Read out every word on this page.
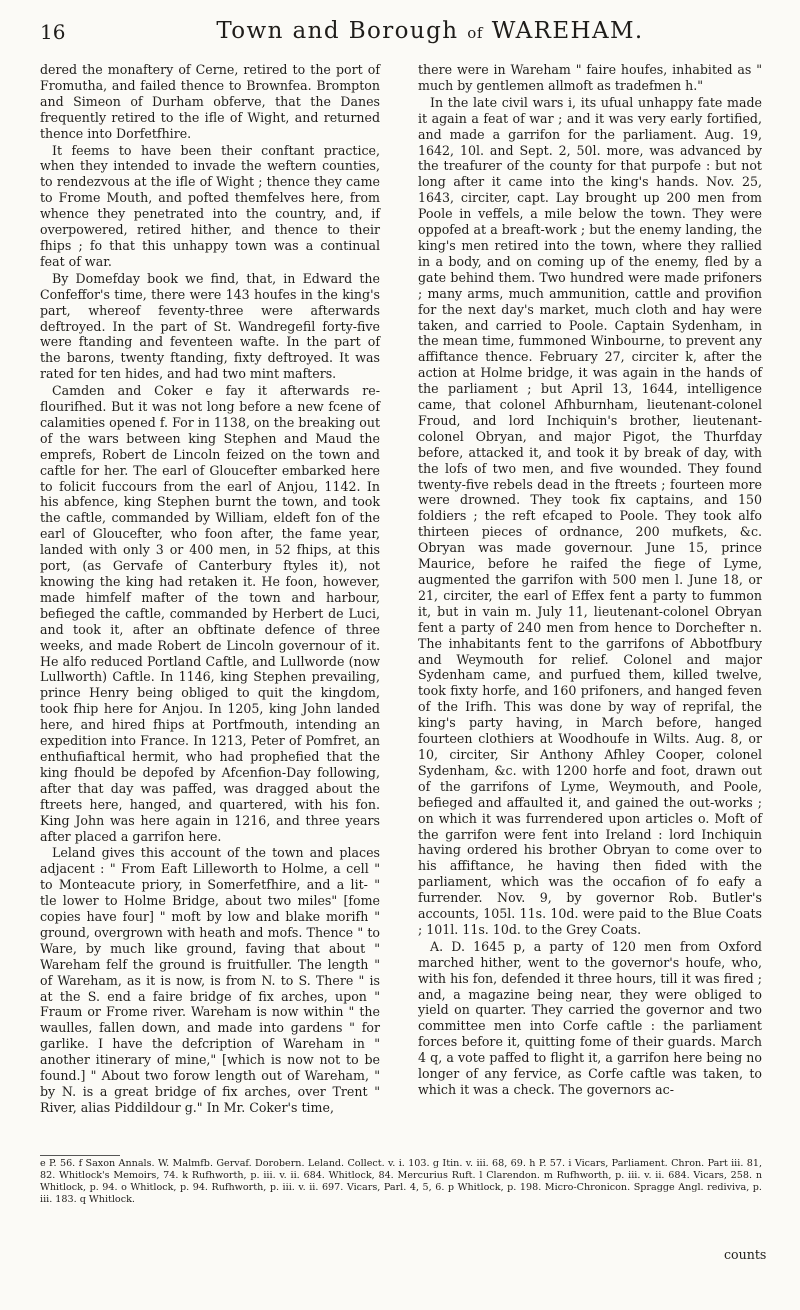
16	Town and Borough of WAREHAM.

dered the monaftery of Cerne, retired to the port of Fromutha, and failed thence to Brownfea. Brompton and Simeon of Durham obferve, that the Danes frequently retired to the ifle of Wight, and returned thence into Dorfetfhire.

It feems to have been their conftant practice, when they intended to invade the weftern counties, to rendezvous at the ifle of Wight ; thence they came to Frome Mouth, and pofted themfelves here, from whence they penetrated into the country, and, if overpowered, retired hither, and thence to their fhips ; fo that this unhappy town was a continual feat of war.

By Domefday book we find, that, in Edward the Confeffor's time, there were 143 houfes in the king's part, whereof feventy-three were afterwards deftroyed. In the part of St. Wandregefil forty-five were ftanding and feventeen wafte. In the part of the barons, twenty ftanding, fixty deftroyed. It was rated for ten hides, and had two mint mafters.

Camden and Coker e fay it afterwards re-flourifhed. But it was not long before a new fcene of calamities opened f. For in 1138, on the breaking out of the wars between king Stephen and Maud the emprefs, Robert de Lincoln feized on the town and caftle for her. The earl of Gloucefter embarked here to folicit fuccours from the earl of Anjou, 1142. In his abfence, king Stephen burnt the town, and took the caftle, commanded by William, eldeft fon of the earl of Gloucefter, who foon after, the fame year, landed with only 3 or 400 men, in 52 fhips, at this port, (as Gervafe of Canterbury ftyles it), not knowing the king had retaken it. He foon, however, made himfelf mafter of the town and harbour, befieged the caftle, commanded by Herbert de Luci, and took it, after an obftinate defence of three weeks, and made Robert de Lincoln governour of it. He alfo reduced Portland Caftle, and Lullworde (now Lullworth) Caftle. In 1146, king Stephen prevailing, prince Henry being obliged to quit the kingdom, took fhip here for Anjou. In 1205, king John landed here, and hired fhips at Portfmouth, intending an expedition into France. In 1213, Peter of Pomfret, an enthufiaftical hermit, who had prophefied that the king fhould be depofed by Afcenfion-Day following, after that day was paffed, was dragged about the ftreets here, hanged, and quartered, with his fon. King John was here again in 1216, and three years after placed a garrifon here.

Leland gives this account of the town and places adjacent : " From Eaft Lilleworth to Holme, a cell " to Monteacute priory, in Somerfetfhire, and a lit- " tle lower to Holme Bridge, about two miles" [fome copies have four] " moft by low and blake morifh " ground, overgrown with heath and mofs. Thence " to Ware, by much like ground, faving that about " Wareham felf the ground is fruitfuller. The length " of Wareham, as it is now, is from N. to S. There " is at the S. end a faire bridge of fix arches, upon " Fraum or Frome river. Wareham is now within " the waulles, fallen down, and made into gardens " for garlike. I have the defcription of Wareham in " another itinerary of mine," [which is now not to be found.] " About two forow length out of Wareham, " by N. is a great bridge of fix arches, over Trent " River, alias Piddildour g." In Mr. Coker's time,

there were in Wareham " faire houfes, inhabited as " much by gentlemen allmoft as tradefmen h."

In the late civil wars i, its ufual unhappy fate made it again a feat of war ; and it was very early fortified, and made a garrifon for the parliament. Aug. 19, 1642, 10l. and Sept. 2, 50l. more, was advanced by the treafurer of the county for that purpofe : but not long after it came into the king's hands. Nov. 25, 1643, circiter, capt. Lay brought up 200 men from Poole in veffels, a mile below the town. They were oppofed at a breaft-work ; but the enemy landing, the king's men retired into the town, where they rallied in a body, and on coming up of the enemy, fled by a gate behind them. Two hundred were made prifoners ; many arms, much ammunition, cattle and provifion for the next day's market, much cloth and hay were taken, and carried to Poole. Captain Sydenham, in the mean time, fummoned Winbourne, to prevent any affiftance thence. February 27, circiter k, after the action at Holme bridge, it was again in the hands of the parliament ; but April 13, 1644, intelligence came, that colonel Afhburnham, lieutenant-colonel Froud, and lord Inchiquin's brother, lieutenant-colonel Obryan, and major Pigot, the Thurfday before, attacked it, and took it by break of day, with the lofs of two men, and five wounded. They found twenty-five rebels dead in the ftreets ; fourteen more were drowned. They took fix captains, and 150 foldiers ; the reft efcaped to Poole. They took alfo thirteen pieces of ordnance, 200 mufkets, &c. Obryan was made governour. June 15, prince Maurice, before he raifed the fiege of Lyme, augmented the garrifon with 500 men l. June 18, or 21, circiter, the earl of Effex fent a party to fummon it, but in vain m. July 11, lieutenant-colonel Obryan fent a party of 240 men from hence to Dorchefter n. The inhabitants fent to the garrifons of Abbotfbury and Weymouth for relief. Colonel and major Sydenham came, and purfued them, killed twelve, took fixty horfe, and 160 prifoners, and hanged feven of the Irifh. This was done by way of reprifal, the king's party having, in March before, hanged fourteen clothiers at Woodhoufe in Wilts. Aug. 8, or 10, circiter, Sir Anthony Afhley Cooper, colonel Sydenham, &c. with 1200 horfe and foot, drawn out of the garrifons of Lyme, Weymouth, and Poole, befieged and affaulted it, and gained the out-works ; on which it was furrendered upon articles o. Moft of the garrifon were fent into Ireland : lord Inchiquin having ordered his brother Obryan to come over to his affiftance, he having then fided with the parliament, which was the occafion of fo eafy a furrender. Nov. 9, by governor Rob. Butler's accounts, 105l. 11s. 10d. were paid to the Blue Coats ; 101l. 11s. 10d. to the Grey Coats.

A. D. 1645 p, a party of 120 men from Oxford marched hither, went to the governor's houfe, who, with his fon, defended it three hours, till it was fired ; and, a magazine being near, they were obliged to yield on quarter. They carried the governor and two committee men into Corfe caftle : the parliament forces before it, quitting fome of their guards. March 4 q, a vote paffed to flight it, a garrifon here being no longer of any fervice, as Corfe caftle was taken, to which it was a check. The governors ac-

e P. 56. f Saxon Annals. W. Malmfb. Gervaf. Dorobern. Leland. Collect. v. i. 103. g Itin. v. iii. 68, 69. h P. 57. i Vicars, Parliament. Chron. Part iii. 81, 82. Whitlock's Memoirs, 74. k Rufhworth, p. iii. v. ii. 684. Whitlock, 84. Mercurius Ruft. l Clarendon. m Rufhworth, p. iii. v. ii. 684. Vicars, 258. n Whitlock, p. 94. o Whitlock, p. 94. Rufhworth, p. iii. v. ii. 697. Vicars, Parl. 4, 5, 6. p Whitlock, p. 198. Micro-Chronicon. Spragge Angl. rediviva, p. iii. 183. q Whitlock.
counts
